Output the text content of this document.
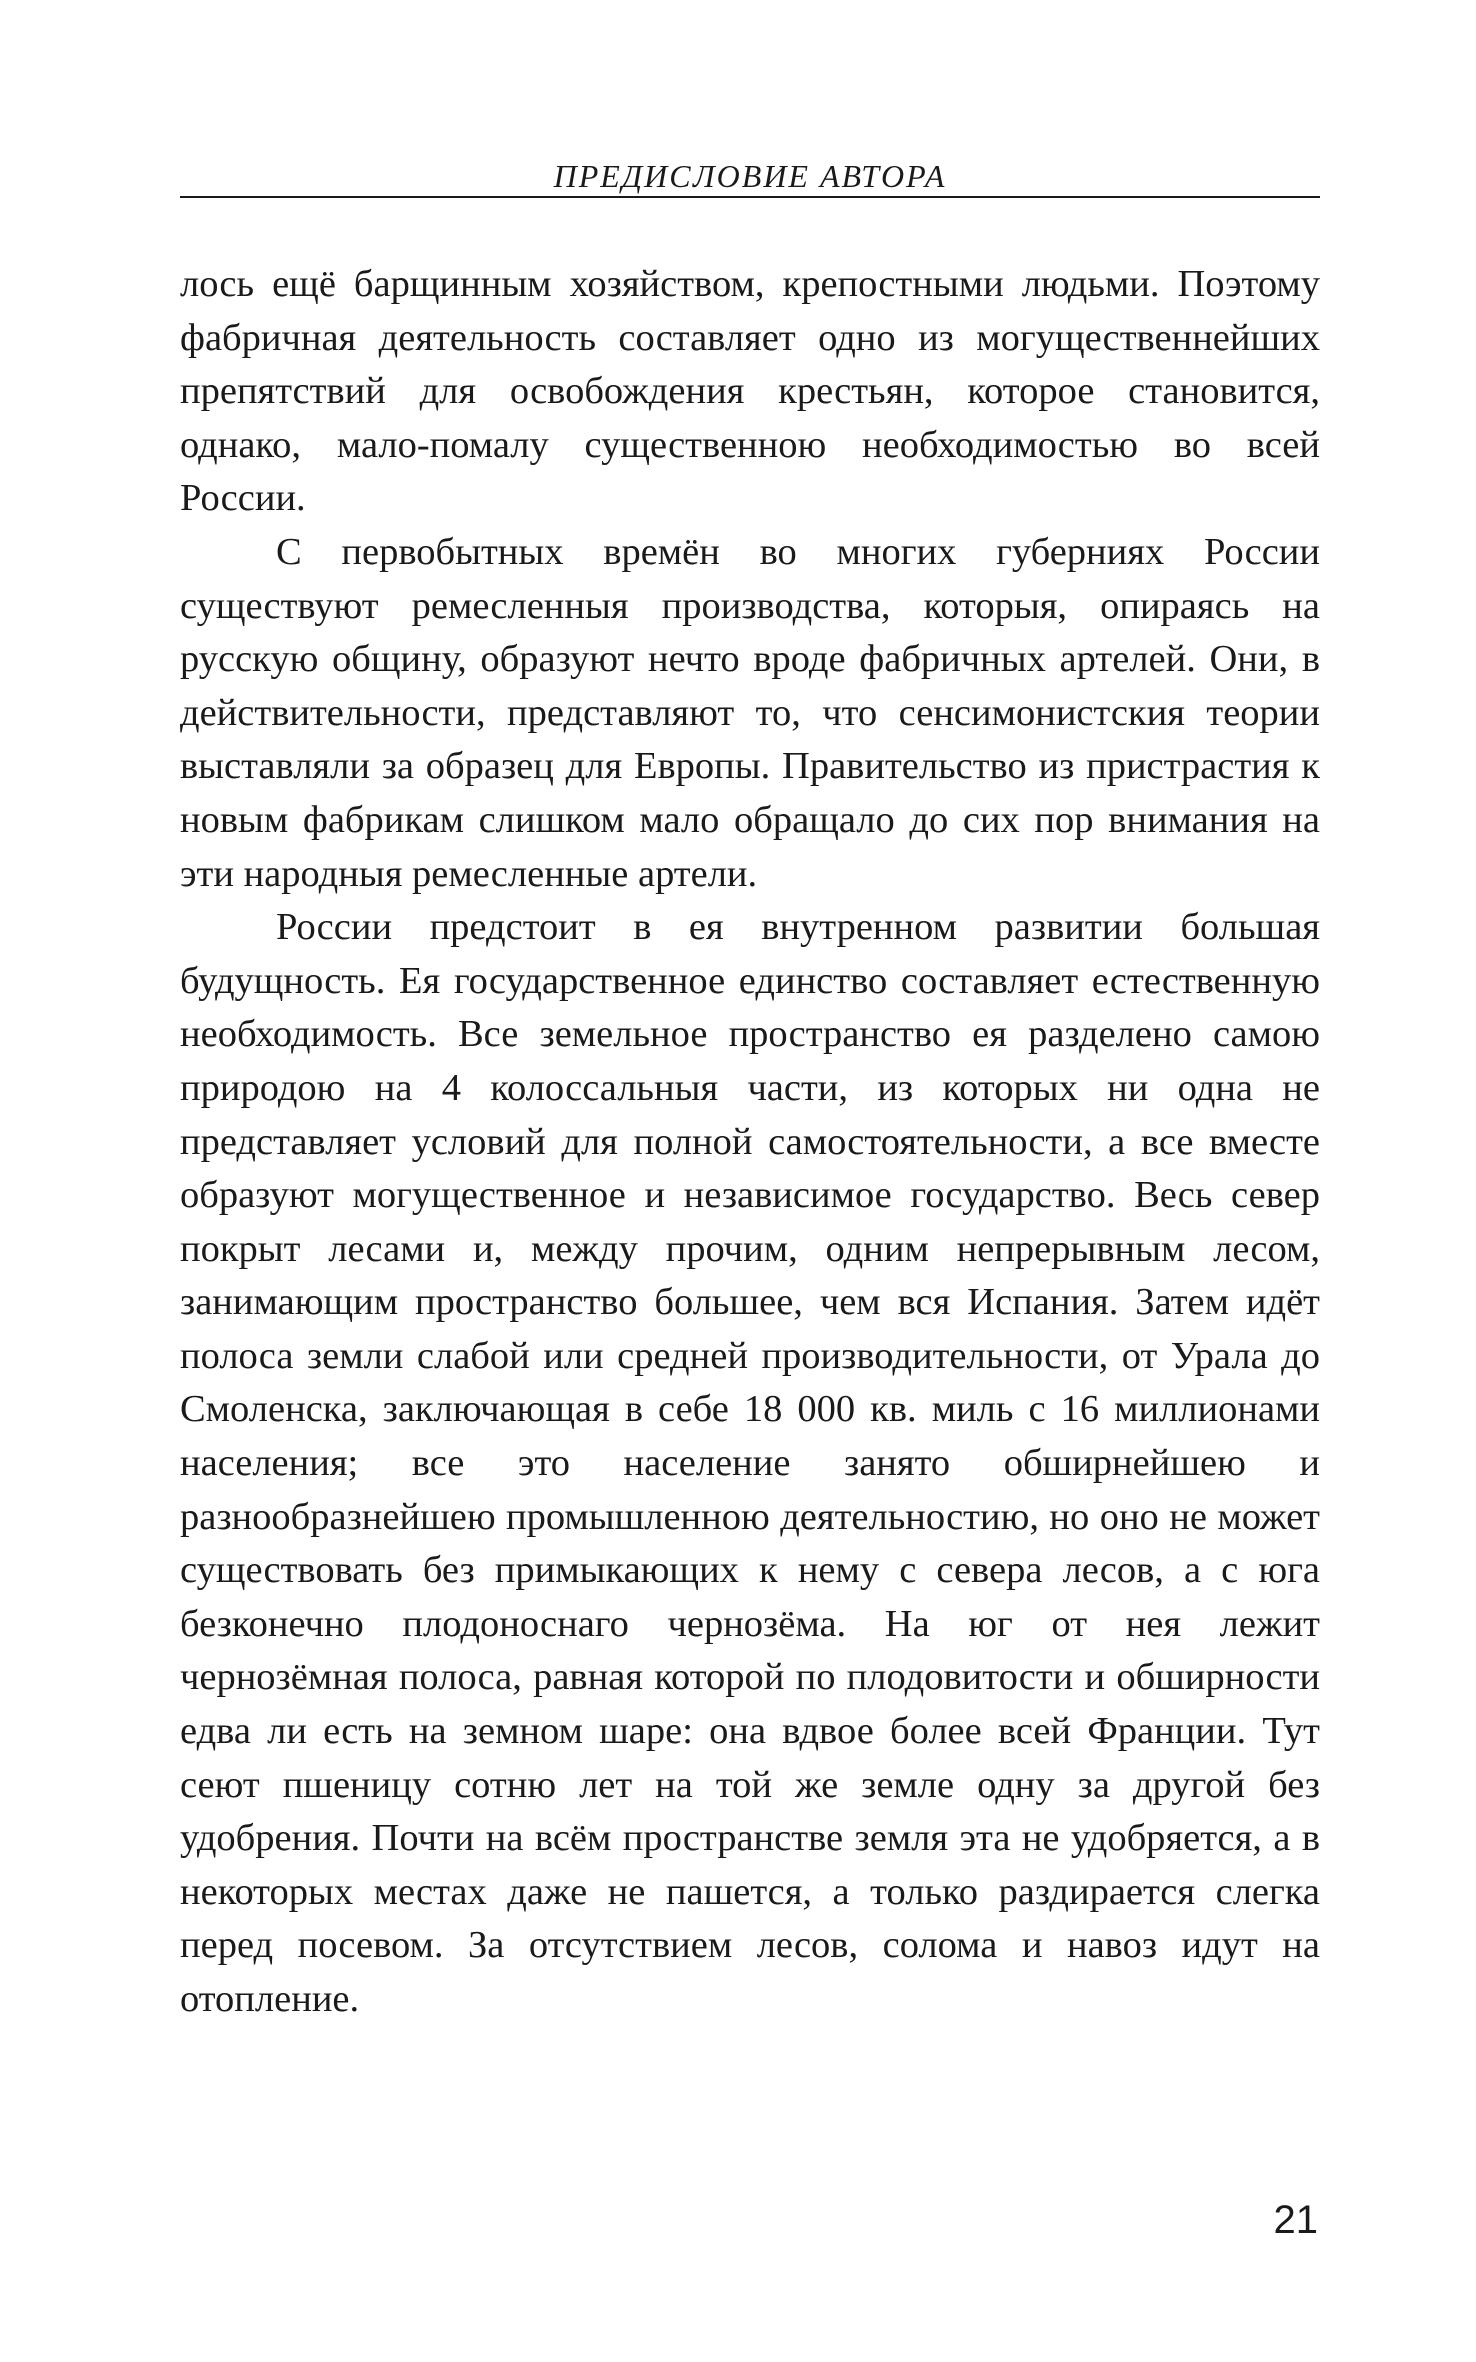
ПРЕДИСЛОВИЕ АВТОРА

лось ещё барщинным хозяйством, крепостными людьми. Поэтому фабричная деятельность составляет одно из могущественнейших препятствий для освобождения крестьян, которое становится, однако, мало-помалу существенною необходимостью во всей России.

С первобытных времён во многих губерниях России существуют ремесленныя производства, которыя, опираясь на русскую общину, образуют нечто вроде фабричных артелей. Они, в действительности, представляют то, что сенсимонистския теории выставляли за образец для Европы. Правительство из пристрастия к новым фабрикам слишком мало обращало до сих пор внимания на эти народныя ремесленные артели.

России предстоит в ея внутренном развитии большая будущность. Ея государственное единство составляет естественную необходимость. Все земельное пространство ея разделено самою природою на 4 колоссальныя части, из которых ни одна не представляет условий для полной самостоятельности, а все вместе образуют могущественное и независимое государство. Весь север покрыт лесами и, между прочим, одним непрерывным лесом, занимающим пространство большее, чем вся Испания. Затем идёт полоса земли слабой или средней производительности, от Урала до Смоленска, заключающая в себе 18 000 кв. миль с 16 миллионами населения; все это население занято обширнейшею и разнообразнейшею промышленною деятельностию, но оно не может существовать без примыкающих к нему с севера лесов, а с юга безконечно плодоноснаго чернозёма. На юг от нея лежит чернозёмная полоса, равная которой по плодовитости и обширности едва ли есть на земном шаре: она вдвое более всей Франции. Тут сеют пшеницу сотню лет на той же земле одну за другой без удобрения. Почти на всём пространстве земля эта не удобряется, а в некоторых местах даже не пашется, а только раздирается слегка перед посевом. За отсутствием лесов, солома и навоз идут на отопление.

21
